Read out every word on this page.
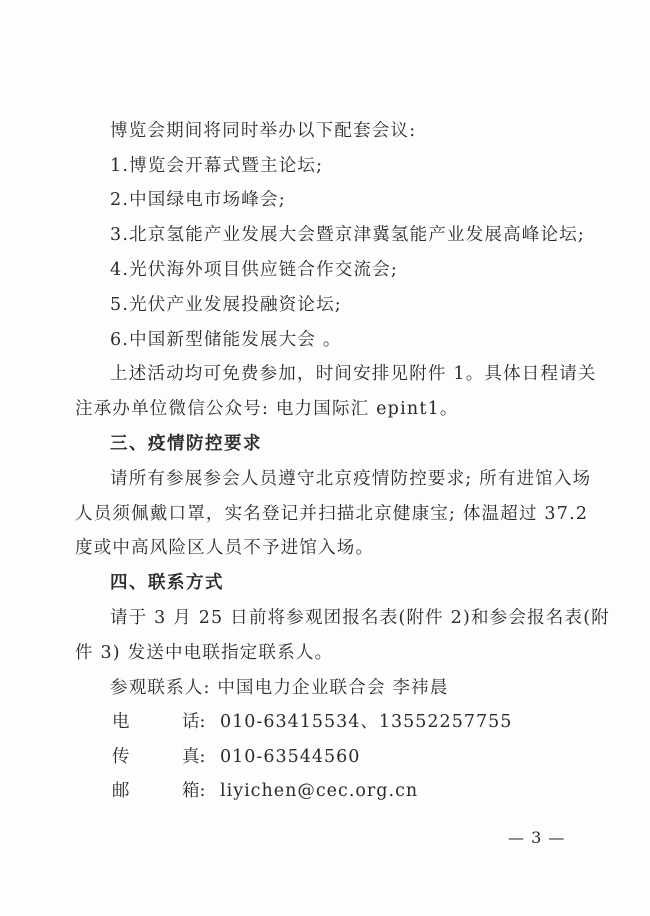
博览会期间将同时举办以下配套会议:
1.博览会开幕式暨主论坛;
2.中国绿电市场峰会;
3.北京氢能产业发展大会暨京津冀氢能产业发展高峰论坛;
4.光伏海外项目供应链合作交流会;
5.光伏产业发展投融资论坛;
6.中国新型储能发展大会 。
上述活动均可免费参加，时间安排见附件 1。具体日程请关
注承办单位微信公众号: 电力国际汇 epint1。
三、疫情防控要求
请所有参展参会人员遵守北京疫情防控要求; 所有进馆入场
人员须佩戴口罩，实名登记并扫描北京健康宝; 体温超过 37.2
度或中高风险区人员不予进馆入场。
四、联系方式
请于 3 月 25 日前将参观团报名表(附件 2)和参会报名表(附
件 3) 发送中电联指定联系人。
参观联系人: 中国电力企业联合会 李祎晨
电	话: 010-63415534、13552257755
传	真: 010-63544560
邮	箱: liyichen@cec.org.cn
— 3 —
